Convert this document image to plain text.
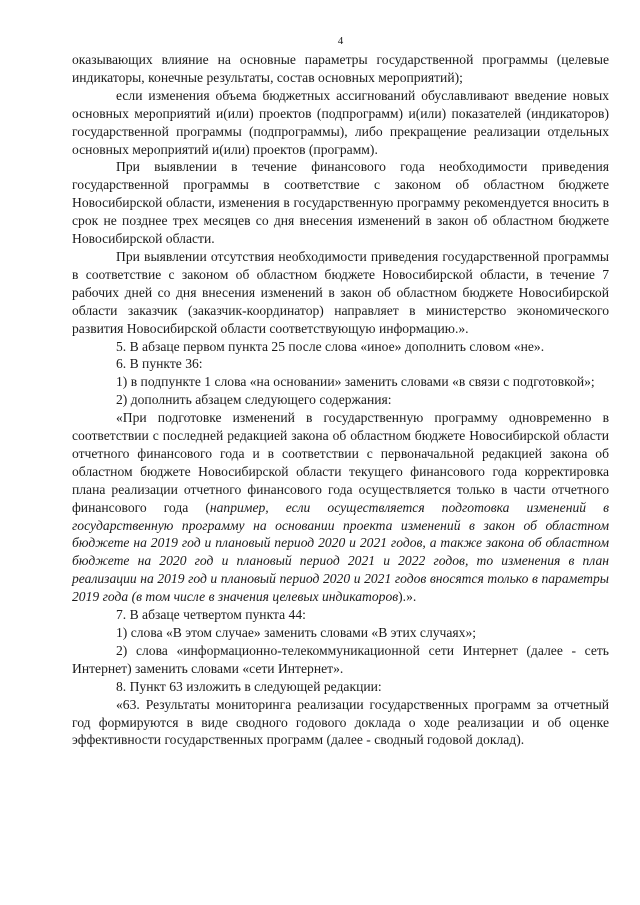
4

оказывающих влияние на основные параметры государственной программы (целевые индикаторы, конечные результаты, состав основных мероприятий);

если изменения объема бюджетных ассигнований обуславливают введение новых основных мероприятий и(или) проектов (подпрограмм) и(или) показателей (индикаторов) государственной программы (подпрограммы), либо прекращение реализации отдельных основных мероприятий и(или) проектов (программ).

При выявлении в течение финансового года необходимости приведения государственной программы в соответствие с законом об областном бюджете Новосибирской области, изменения в государственную программу рекомендуется вносить в срок не позднее трех месяцев со дня внесения изменений в закон об областном бюджете Новосибирской области.

При выявлении отсутствия необходимости приведения государственной программы в соответствие с законом об областном бюджете Новосибирской области, в течение 7 рабочих дней со дня внесения изменений в закон об областном бюджете Новосибирской области заказчик (заказчик-координатор) направляет в министерство экономического развития Новосибирской области соответствующую информацию.».

5. В абзаце первом пункта 25 после слова «иное» дополнить словом «не».

6. В пункте 36:

1) в подпункте 1 слова «на основании» заменить словами «в связи с подготовкой»;

2) дополнить абзацем следующего содержания:

«При подготовке изменений в государственную программу одновременно в соответствии с последней редакцией закона об областном бюджете Новосибирской области отчетного финансового года и в соответствии с первоначальной редакцией закона об областном бюджете Новосибирской области текущего финансового года корректировка плана реализации отчетного финансового года осуществляется только в части отчетного финансового года (например, если осуществляется подготовка изменений в государственную программу на основании проекта изменений в закон об областном бюджете на 2019 год и плановый период 2020 и 2021 годов, а также закона об областном бюджете на 2020 год и плановый период 2021 и 2022 годов, то изменения в план реализации на 2019 год и плановый период 2020 и 2021 годов вносятся только в параметры 2019 года (в том числе в значения целевых индикаторов).».

7. В абзаце четвертом пункта 44:

1) слова «В этом случае» заменить словами «В этих случаях»;

2) слова «информационно-телекоммуникационной сети Интернет (далее - сеть Интернет) заменить словами «сети Интернет».

8. Пункт 63 изложить в следующей редакции:

«63. Результаты мониторинга реализации государственных программ за отчетный год формируются в виде сводного годового доклада о ходе реализации и об оценке эффективности государственных программ (далее - сводный годовой доклад).
